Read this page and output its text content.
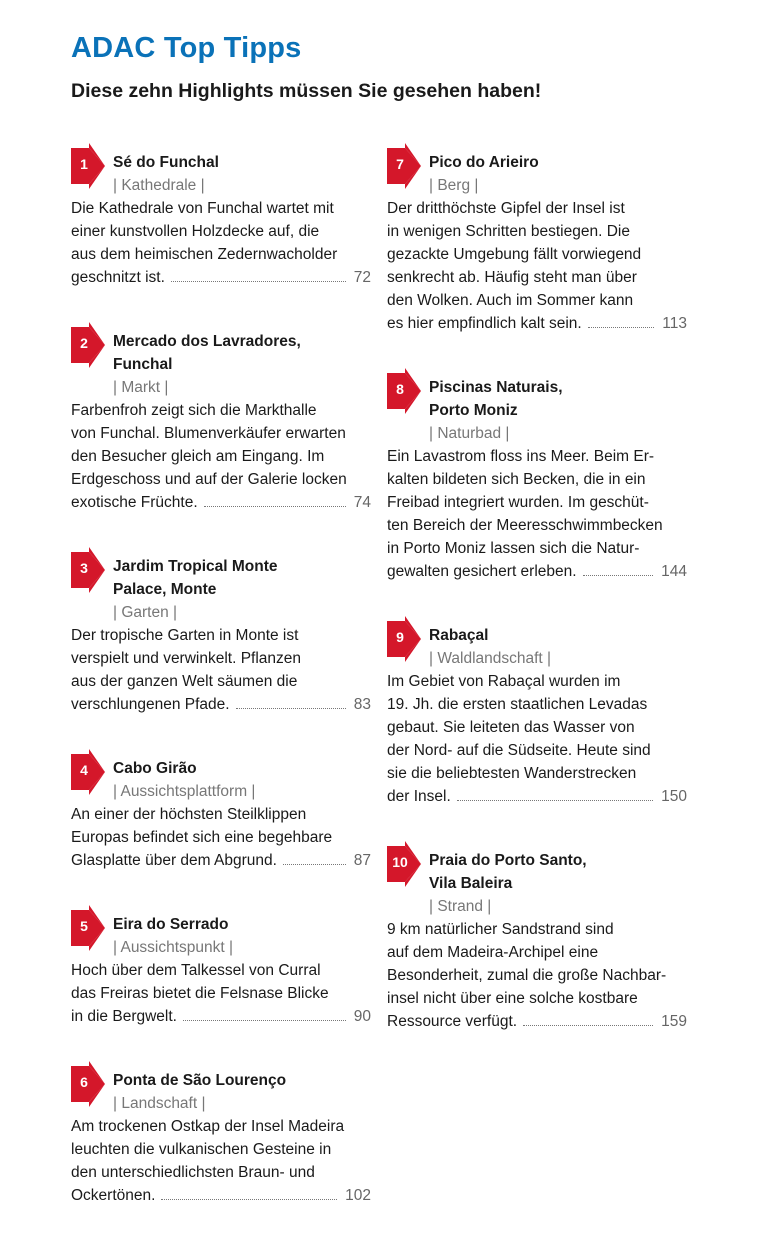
ADAC Top Tipps
Diese zehn Highlights müssen Sie gesehen haben!
1	Sé do Funchal
| Kathedrale |
Die Kathedrale von Funchal wartet mit
einer kunstvollen Holzdecke auf, die
aus dem heimischen Zedernwacholder
geschnitzt ist.	72
2	Mercado dos Lavradores,
Funchal
| Markt |
Farbenfroh zeigt sich die Markthalle
von Funchal. Blumenverkäufer erwarten
den Besucher gleich am Eingang. Im
Erdgeschoss und auf der Galerie locken
exotische Früchte.	74
3	Jardim Tropical Monte
Palace, Monte
| Garten |
Der tropische Garten in Monte ist
verspielt und verwinkelt. Pflanzen
aus der ganzen Welt säumen die
verschlungenen Pfade.	83
4	Cabo Girão
| Aussichtsplattform |
An einer der höchsten Steilklippen
Europas befindet sich eine begehbare
Glasplatte über dem Abgrund.	87
5	Eira do Serrado
| Aussichtspunkt |
Hoch über dem Talkessel von Curral
das Freiras bietet die Felsnase Blicke
in die Bergwelt.	90
6	Ponta de São Lourenço
| Landschaft |
Am trockenen Ostkap der Insel Madeira
leuchten die vulkanischen Gesteine in
den unterschiedlichsten Braun- und
Ockertönen.	102
7	Pico do Arieiro
| Berg |
Der dritthöchste Gipfel der Insel ist
in wenigen Schritten bestiegen. Die
gezackte Umgebung fällt vorwiegend
senkrecht ab. Häufig steht man über
den Wolken. Auch im Sommer kann
es hier empfindlich kalt sein.	113
8	Piscinas Naturais,
Porto Moniz
| Naturbad |
Ein Lavastrom floss ins Meer. Beim Er-
kalten bildeten sich Becken, die in ein
Freibad integriert wurden. Im geschüt-
ten Bereich der Meeresschwimmbecken
in Porto Moniz lassen sich die Natur-
gewalten gesichert erleben.	144
9	Rabaçal
| Waldlandschaft |
Im Gebiet von Rabaçal wurden im
19. Jh. die ersten staatlichen Levadas
gebaut. Sie leiteten das Wasser von
der Nord- auf die Südseite. Heute sind
sie die beliebtesten Wanderstrecken
der Insel.	150
10	Praia do Porto Santo,
Vila Baleira
| Strand |
9 km natürlicher Sandstrand sind
auf dem Madeira-Archipel eine
Besonderheit, zumal die große Nachbar-
insel nicht über eine solche kostbare
Ressource verfügt.	159
